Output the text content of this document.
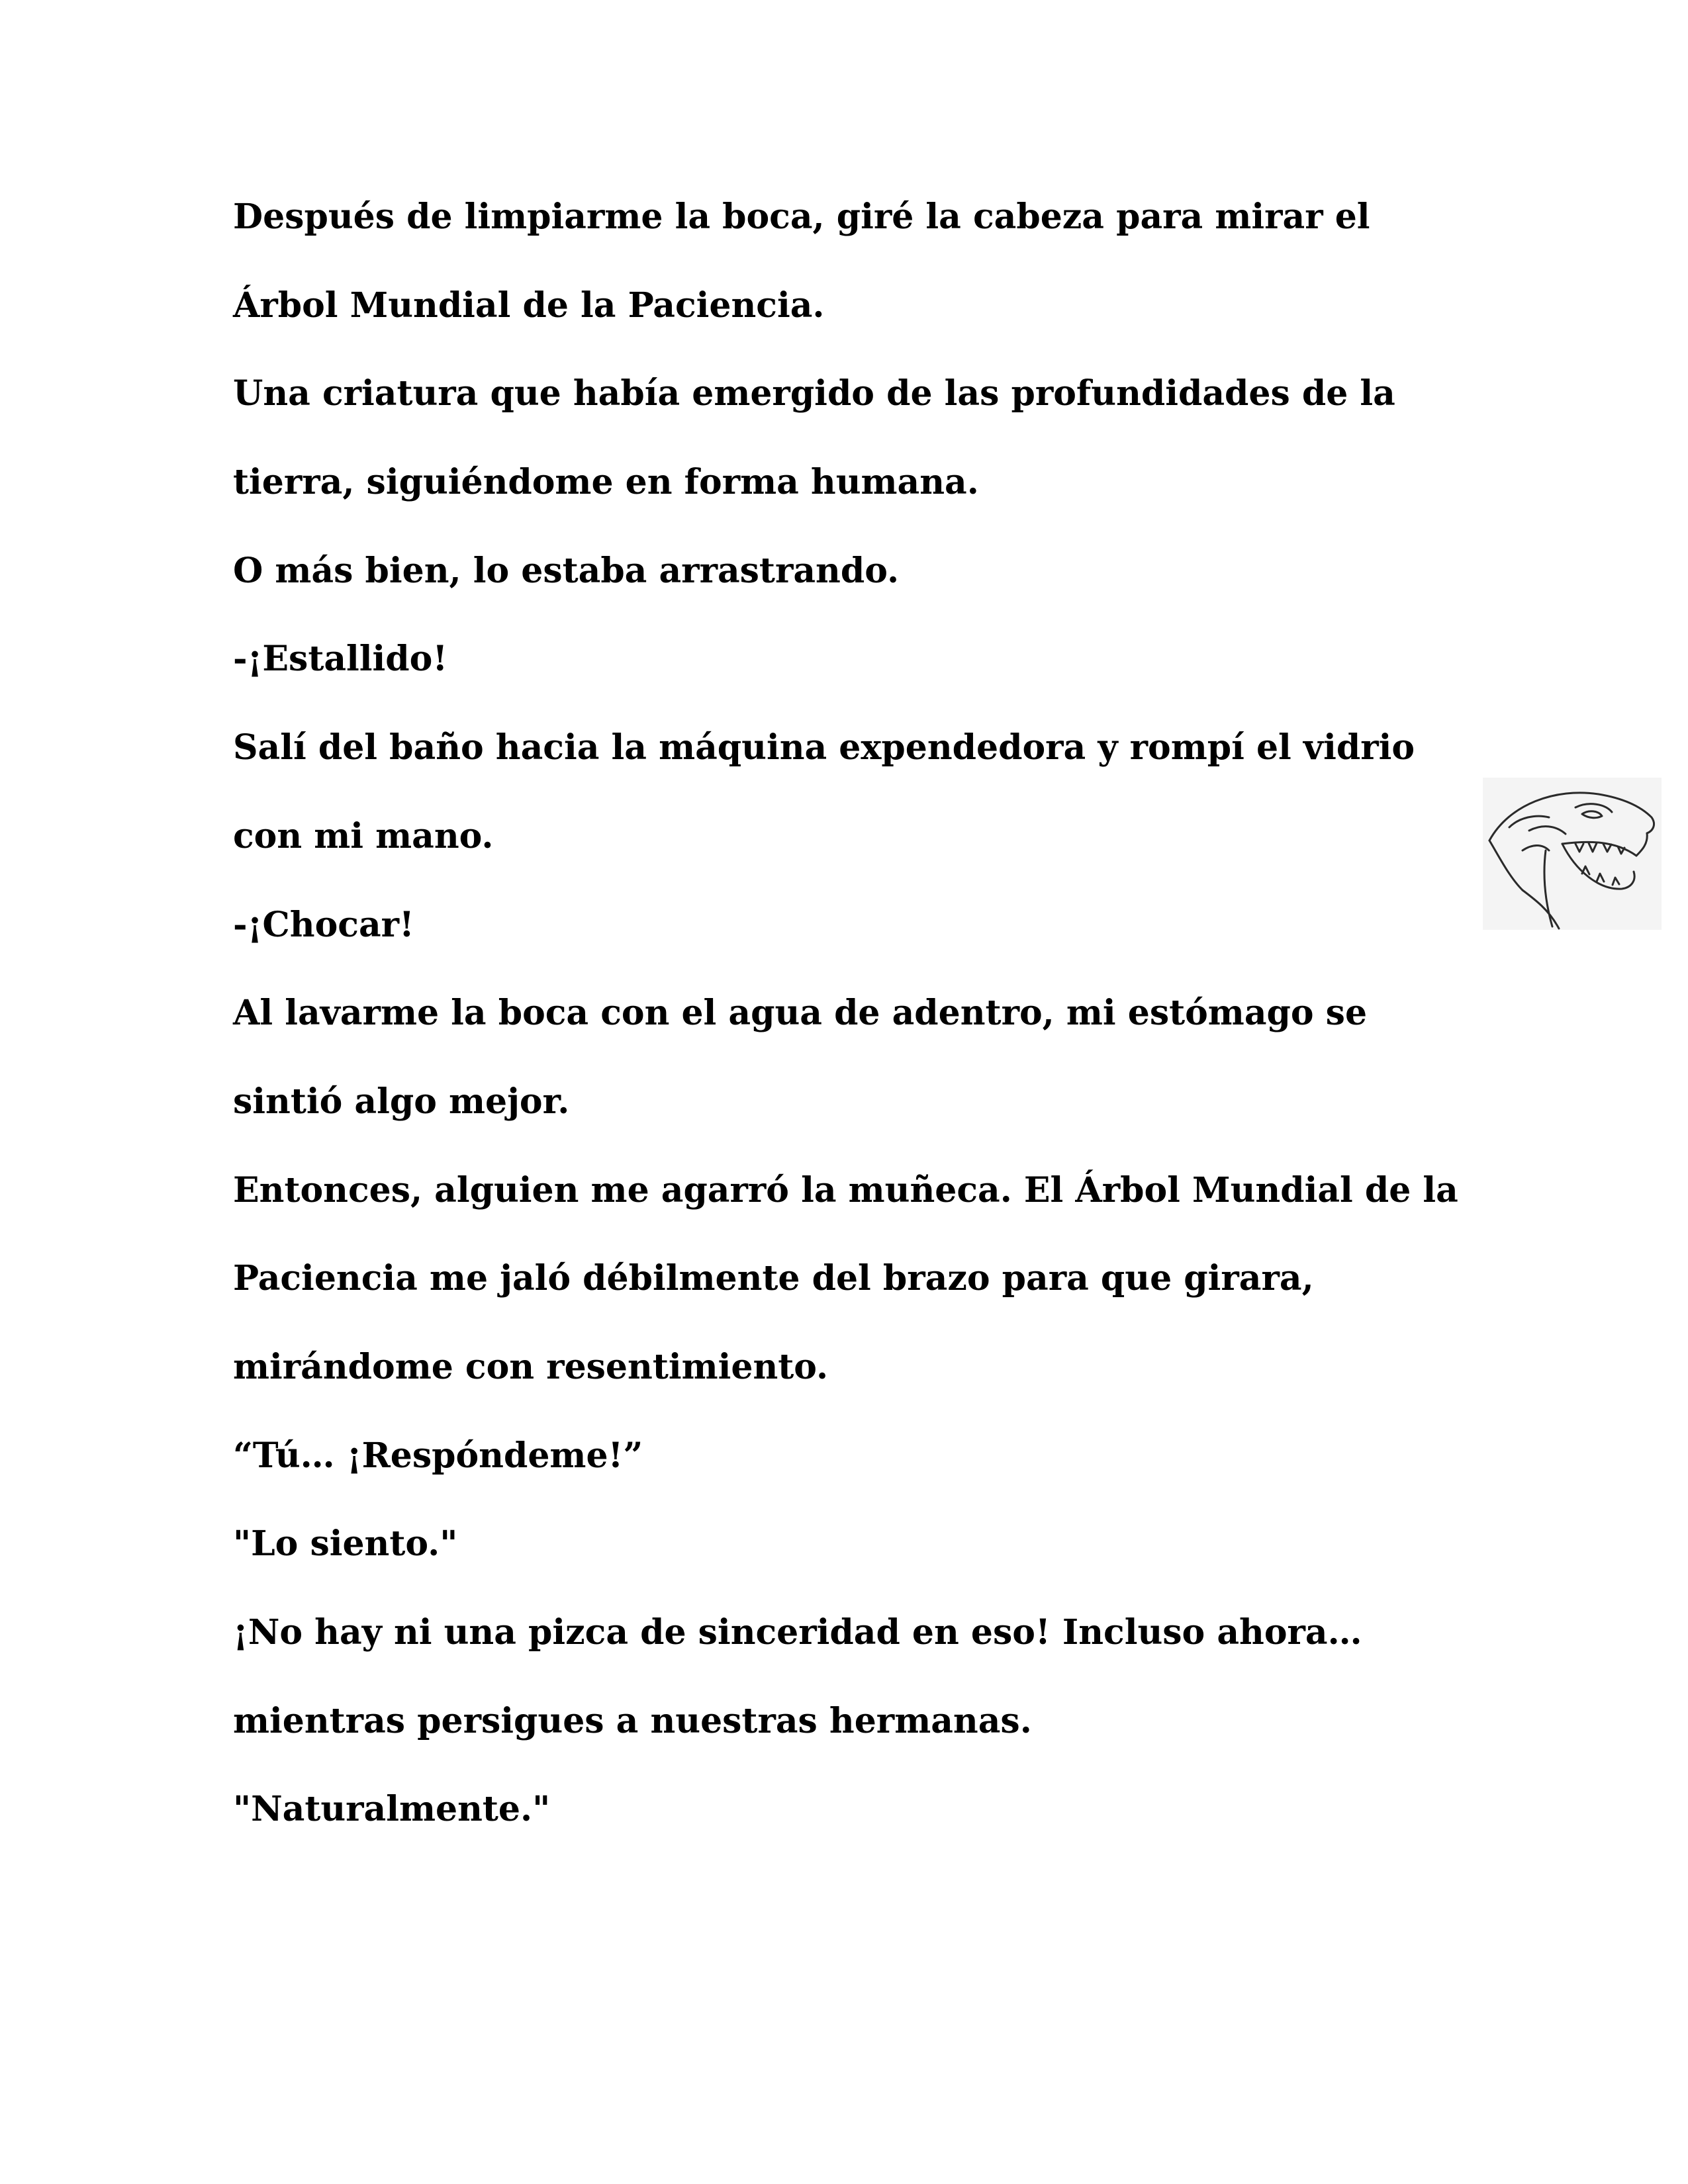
Después de limpiarme la boca, giré la cabeza para mirar el
Árbol Mundial de la Paciencia.
Una criatura que había emergido de las profundidades de la
tierra, siguiéndome en forma humana.
O más bien, lo estaba arrastrando.
-¡Estallido!
Salí del baño hacia la máquina expendedora y rompí el vidrio
con mi mano.
-¡Chocar!
Al lavarme la boca con el agua de adentro, mi estómago se
sintió algo mejor.
Entonces, alguien me agarró la muñeca. El Árbol Mundial de la
Paciencia me jaló débilmente del brazo para que girara,
mirándome con resentimiento.
“Tú… ¡Respóndeme!”
"Lo siento."
¡No hay ni una pizca de sinceridad en eso! Incluso ahora…
mientras persigues a nuestras hermanas.
"Naturalmente."
